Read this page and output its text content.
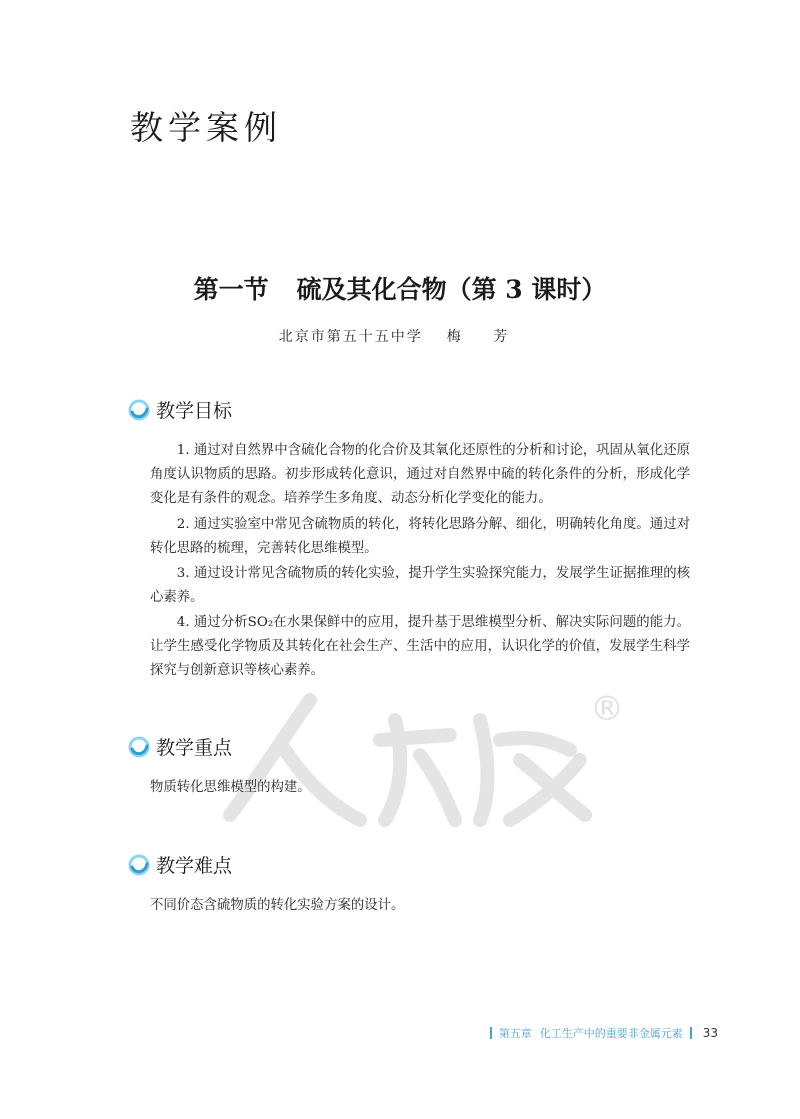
教学案例
第一节 硫及其化合物（第 3 课时）
北京市第五十五中学 梅 芳
®
人教版
教学目标

1. 通过对自然界中含硫化合物的化合价及其氧化还原性的分析和讨论，巩固从氧化还原角度认识物质的思路。初步形成转化意识，通过对自然界中硫的转化条件的分析，形成化学变化是有条件的观念。培养学生多角度、动态分析化学变化的能力。

2. 通过实验室中常见含硫物质的转化，将转化思路分解、细化，明确转化角度。通过对转化思路的梳理，完善转化思维模型。

3. 通过设计常见含硫物质的转化实验，提升学生实验探究能力，发展学生证据推理的核心素养。

4. 通过分析SO₂在水果保鲜中的应用，提升基于思维模型分析、解决实际问题的能力。让学生感受化学物质及其转化在社会生产、生活中的应用，认识化学的价值，发展学生科学探究与创新意识等核心素养。

教学重点

物质转化思维模型的构建。

教学难点

不同价态含硫物质的转化实验方案的设计。

第五章 化工生产中的重要非金属元素 33
